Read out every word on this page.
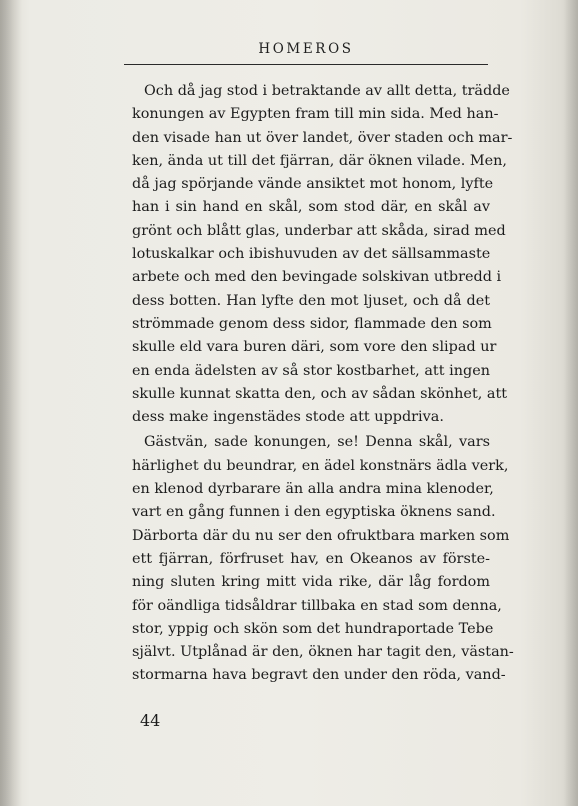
HOMEROS
Och då jag stod i betraktande av allt detta, trädde
konungen av Egypten fram till min sida. Med han-
den visade han ut över landet, över staden och mar-
ken, ända ut till det fjärran, där öknen vilade. Men,
då jag spörjande vände ansiktet mot honom, lyfte
han i sin hand en skål, som stod där, en skål av
grönt och blått glas, underbar att skåda, sirad med
lotuskalkar och ibishuvuden av det sällsammaste
arbete och med den bevingade solskivan utbredd i
dess botten. Han lyfte den mot ljuset, och då det
strömmade genom dess sidor, flammade den som
skulle eld vara buren däri, som vore den slipad ur
en enda ädelsten av så stor kostbarhet, att ingen
skulle kunnat skatta den, och av sådan skönhet, att
dess make ingenstädes stode att uppdriva.
Gästvän, sade konungen, se! Denna skål, vars
härlighet du beundrar, en ädel konstnärs ädla verk,
en klenod dyrbarare än alla andra mina klenoder,
vart en gång funnen i den egyptiska öknens sand.
Därborta där du nu ser den ofruktbara marken som
ett fjärran, förfruset hav, en Okeanos av förste-
ning sluten kring mitt vida rike, där låg fordom
för oändliga tidsåldrar tillbaka en stad som denna,
stor, yppig och skön som det hundraportade Tebe
självt. Utplånad är den, öknen har tagit den, västan-
stormarna hava begravt den under den röda, vand-
44
